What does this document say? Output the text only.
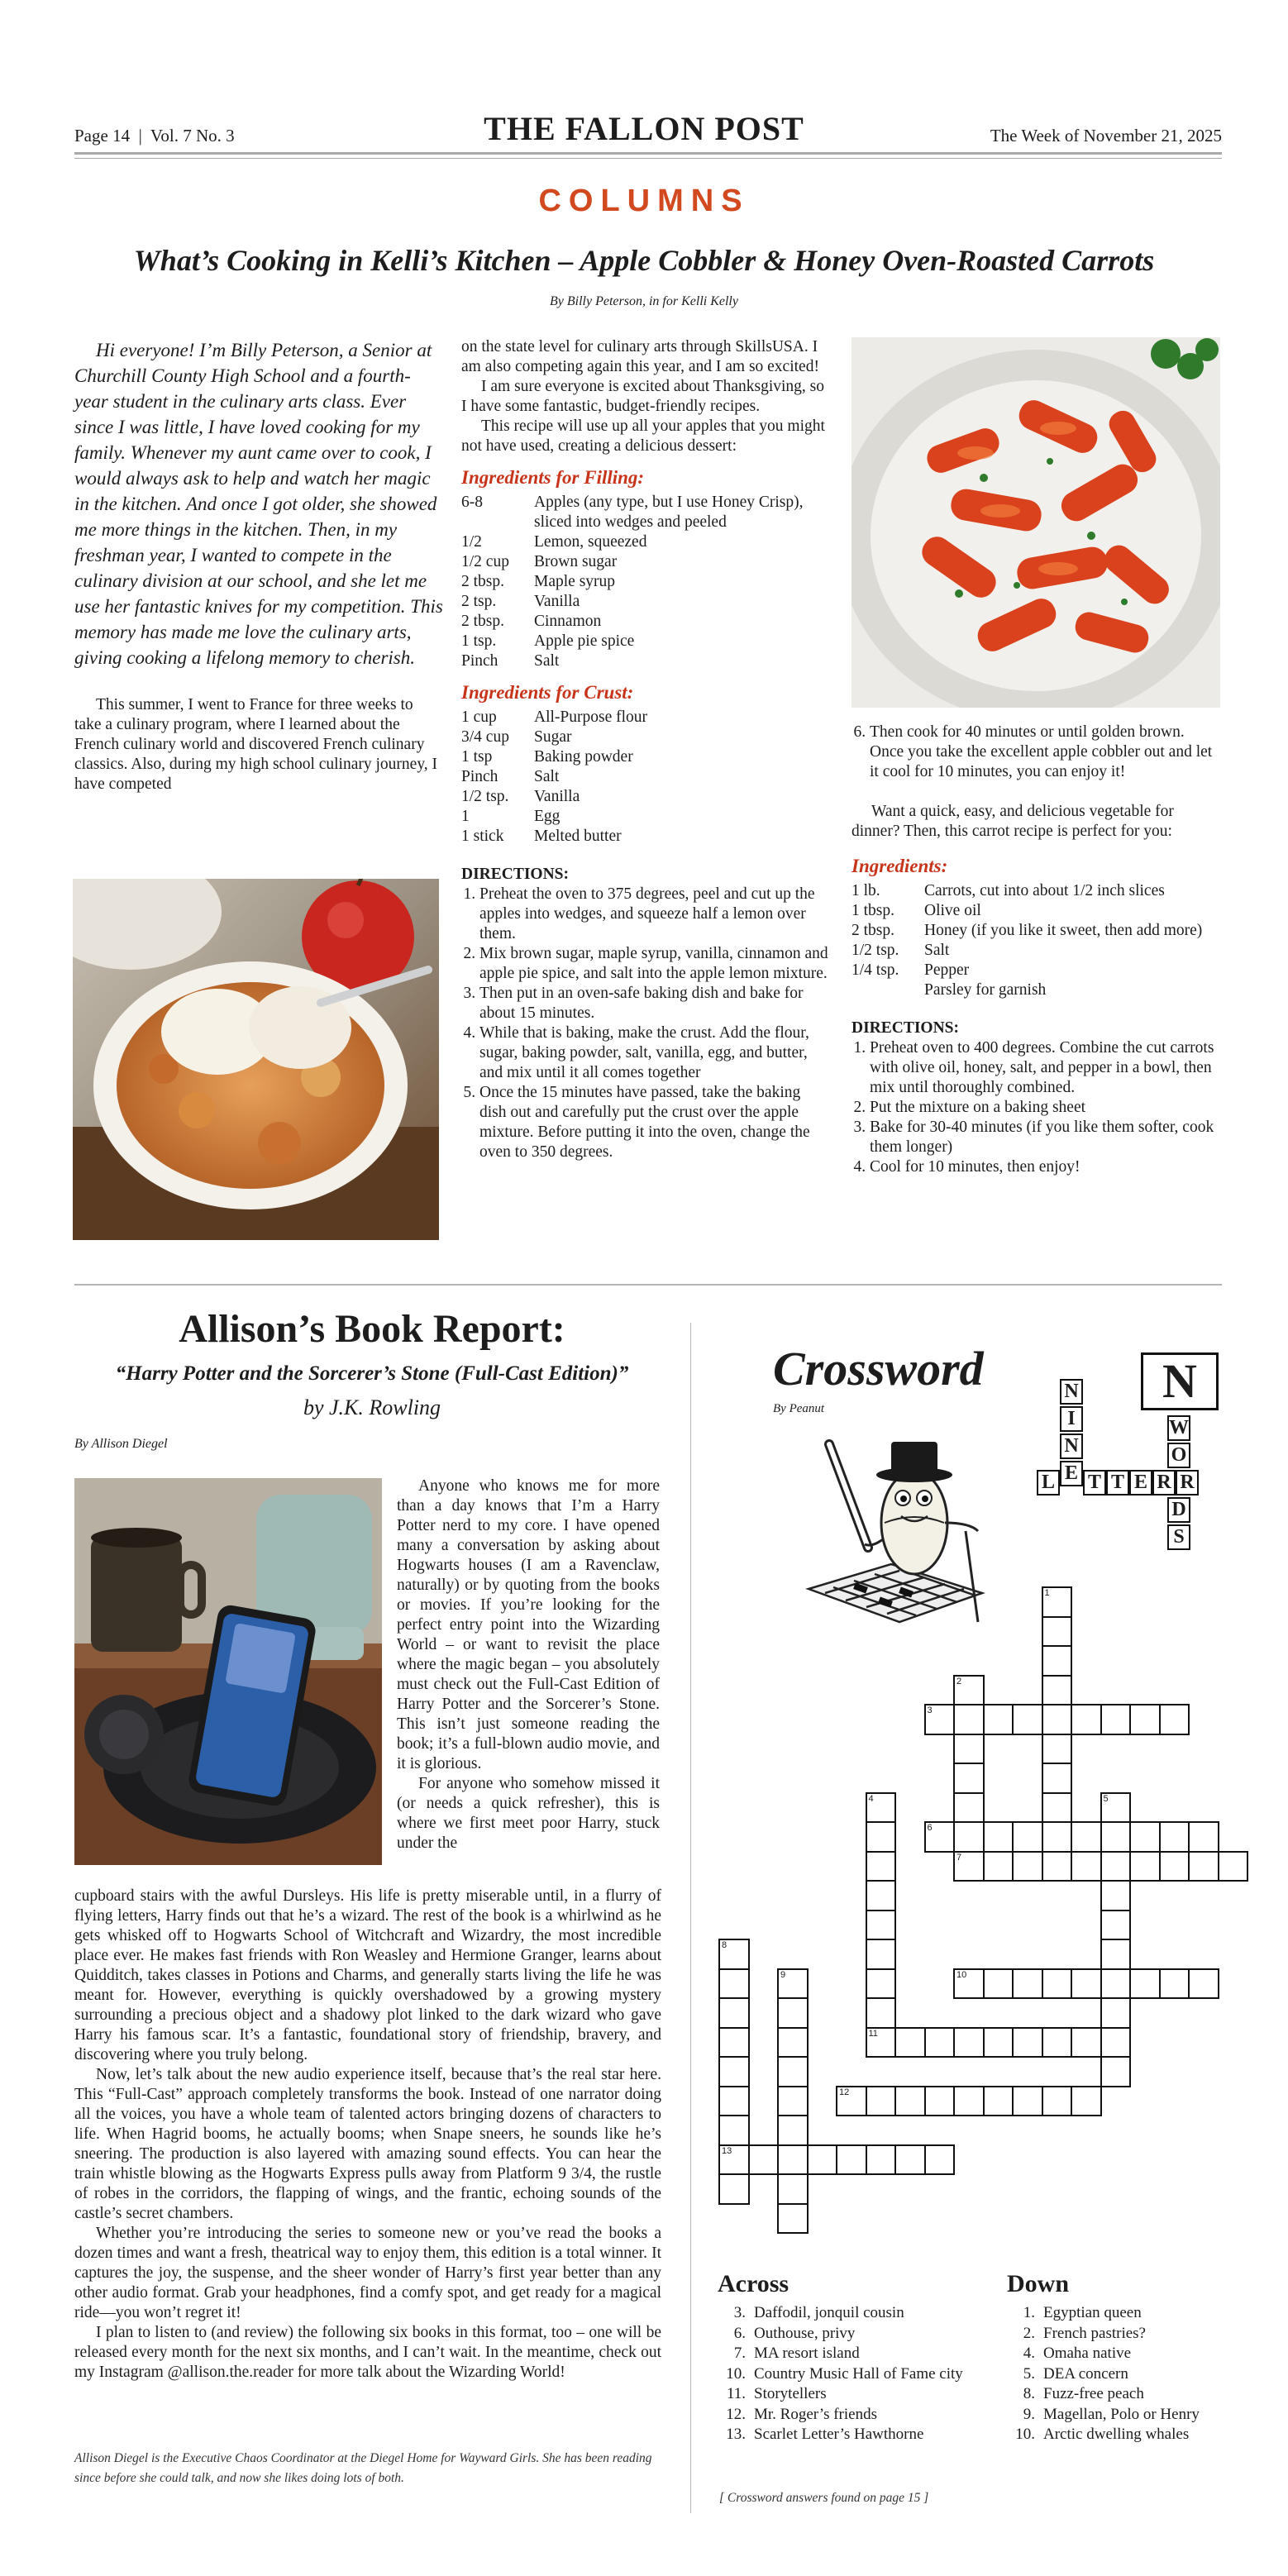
Page 14 | Vol. 7 No. 3	THE FALLON POST	The Week of November 21, 2025
COLUMNS
What’s Cooking in Kelli’s Kitchen – Apple Cobbler & Honey Oven-Roasted Carrots
By Billy Peterson, in for Kelli Kelly

Hi everyone! I’m Billy Peterson, a Senior at Churchill County High School and a fourth-year student in the culinary arts class. Ever since I was little, I have loved cooking for my family. Whenever my aunt came over to cook, I would always ask to help and watch her magic in the kitchen. And once I got older, she showed me more things in the kitchen. Then, in my freshman year, I wanted to compete in the culinary division at our school, and she let me use her fantastic knives for my competition. This memory has made me love the culinary arts, giving cooking a lifelong memory to cherish.

This summer, I went to France for three weeks to take a culinary program, where I learned about the French culinary world and discovered French culinary classics. Also, during my high school culinary journey, I have competed

on the state level for culinary arts through SkillsUSA. I am also competing again this year, and I am so excited!

I am sure everyone is excited about Thanksgiving, so I have some fantastic, budget-friendly recipes.

This recipe will use up all your apples that you might not have used, creating a delicious dessert:

Ingredients for Filling:
6-8	Apples (any type, but I use Honey Crisp), sliced into wedges and peeled
1/2	Lemon, squeezed
1/2 cup	Brown sugar
2 tbsp.	Maple syrup
2 tsp.	Vanilla
2 tbsp.	Cinnamon
1 tsp.	Apple pie spice
Pinch	Salt
Ingredients for Crust:
1 cup	All-Purpose flour
3/4 cup	Sugar
1 tsp	Baking powder
Pinch	Salt
1/2 tsp.	Vanilla
1	Egg
1 stick	Melted butter
DIRECTIONS:
1. Preheat the oven to 375 degrees, peel and cut up the apples into wedges, and squeeze half a lemon over them.
2. Mix brown sugar, maple syrup, vanilla, cinnamon and apple pie spice, and salt into the apple lemon mixture.
3. Then put in an oven-safe baking dish and bake for about 15 minutes.
4. While that is baking, make the crust. Add the flour, sugar, baking powder, salt, vanilla, egg, and butter, and mix until it all comes together
5. Once the 15 minutes have passed, take the baking dish out and carefully put the crust over the apple mixture. Before putting it into the oven, change the oven to 350 degrees.
6. Then cook for 40 minutes or until golden brown. Once you take the excellent apple cobbler out and let it cool for 10 minutes, you can enjoy it!

Want a quick, easy, and delicious vegetable for dinner? Then, this carrot recipe is perfect for you:

Ingredients:
1 lb.	Carrots, cut into about 1/2 inch slices
1 tbsp.	Olive oil
2 tbsp.	Honey (if you like it sweet, then add more)
1/2 tsp.	Salt
1/4 tsp.	Pepper
Parsley for garnish
DIRECTIONS:
1. Preheat oven to 400 degrees. Combine the cut carrots with olive oil, honey, salt, and pepper in a bowl, then mix until thoroughly combined.
2. Put the mixture on a baking sheet
3. Bake for 30-40 minutes (if you like them softer, cook them longer)
4. Cool for 10 minutes, then enjoy!
Allison’s Book Report:
“Harry Potter and the Sorcerer’s Stone (Full-Cast Edition)”
by J.K. Rowling
By Allison Diegel

Anyone who knows me for more than a day knows that I’m a Harry Potter nerd to my core. I have opened many a conversation by asking about Hogwarts houses (I am a Ravenclaw, naturally) or by quoting from the books or movies. If you’re looking for the perfect entry point into the Wizarding World – or want to revisit the place where the magic began – you absolutely must check out the Full-Cast Edition of Harry Potter and the Sorcerer’s Stone. This isn’t just someone reading the book; it’s a full-blown audio movie, and it is glorious.

For anyone who somehow missed it (or needs a quick refresher), this is where we first meet poor Harry, stuck under the

cupboard stairs with the awful Dursleys. His life is pretty miserable until, in a flurry of flying letters, Harry finds out that he’s a wizard. The rest of the book is a whirlwind as he gets whisked off to Hogwarts School of Witchcraft and Wizardry, the most incredible place ever. He makes fast friends with Ron Weasley and Hermione Granger, learns about Quidditch, takes classes in Potions and Charms, and generally starts living the life he was meant for. However, everything is quickly overshadowed by a growing mystery surrounding a precious object and a shadowy plot linked to the dark wizard who gave Harry his famous scar. It’s a fantastic, foundational story of friendship, bravery, and discovering where you truly belong.

Now, let’s talk about the new audio experience itself, because that’s the real star here. This “Full-Cast” approach completely transforms the book. Instead of one narrator doing all the voices, you have a whole team of talented actors bringing dozens of characters to life. When Hagrid booms, he actually booms; when Snape sneers, he sounds like he’s sneering. The production is also layered with amazing sound effects. You can hear the train whistle blowing as the Hogwarts Express pulls away from Platform 9 3/4, the rustle of robes in the corridors, the flapping of wings, and the frantic, echoing sounds of the castle’s secret chambers.

Whether you’re introducing the series to someone new or you’ve read the books a dozen times and want a fresh, theatrical way to enjoy them, this edition is a total winner. It captures the joy, the suspense, and the sheer wonder of Harry’s first year better than any other audio format. Grab your headphones, find a comfy spot, and get ready for a magical ride—you won’t regret it!

I plan to listen to (and review) the following six books in this format, too – one will be released every month for the next six months, and I can’t wait. In the meantime, check out my Instagram @allison.the.reader for more talk about the Wizarding World!

Allison Diegel is the Executive Chaos Coordinator at the Diegel Home for Wayward Girls. She has been reading since before she could talk, and now she likes doing lots of both.
Crossword
By Peanut
N
N
I
N
E
L T T E R
W
O
D
S
R
1
2
3
4
11
5
6
7
8
13
9	10
12
Across
3. Daffodil, jonquil cousin
6. Outhouse, privy
7. MA resort island
10. Country Music Hall of Fame city
11. Storytellers
12. Mr. Roger’s friends
13. Scarlet Letter’s Hawthorne
Down
1. Egyptian queen
2. French pastries?
4. Omaha native
5. DEA concern
8. Fuzz-free peach
9. Magellan, Polo or Henry
10. Arctic dwelling whales
[ Crossword answers found on page 15 ]
